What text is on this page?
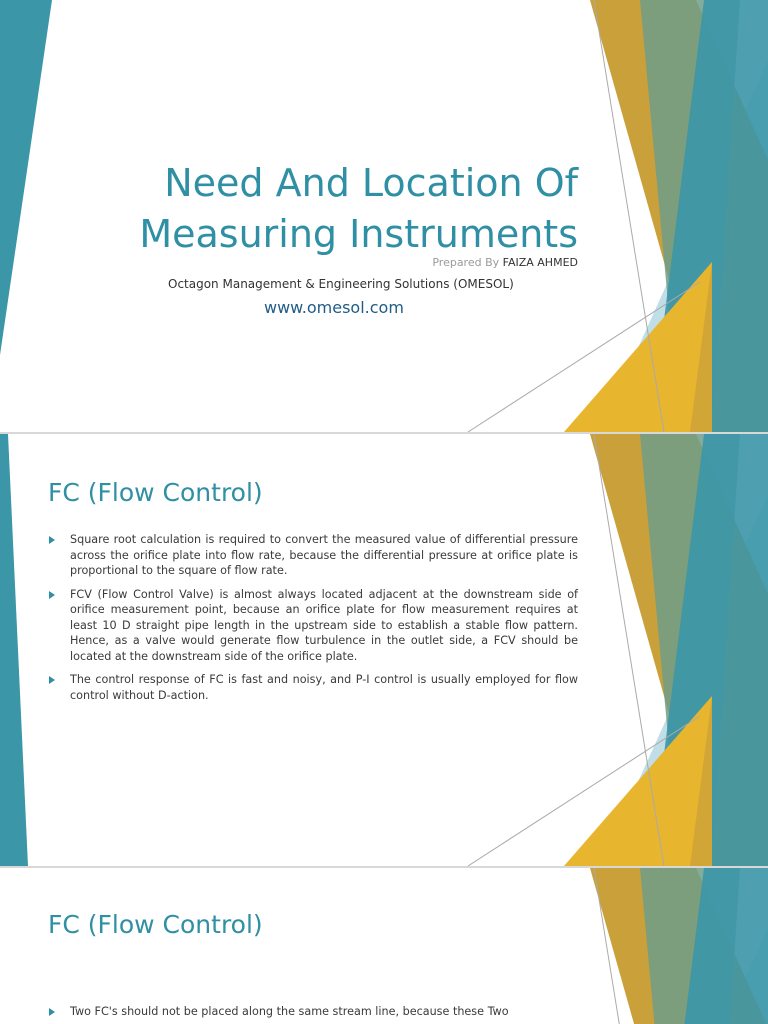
Need And Location Of
Measuring Instruments
Prepared By FAIZA AHMED
Octagon Management & Engineering Solutions (OMESOL)
www.omesol.com
FC (Flow Control)
Square root calculation is required to convert the measured value of differential pressure across the orifice plate into flow rate, because the differential pressure at orifice plate is proportional to the square of flow rate.
FCV (Flow Control Valve) is almost always located adjacent at the downstream side of orifice measurement point, because an orifice plate for flow measurement requires at least 10 D straight pipe length in the upstream side to establish a stable flow pattern. Hence, as a valve would generate flow turbulence in the outlet side, a FCV should be located at the downstream side of the orifice plate.
The control response of FC is fast and noisy, and P-I control is usually employed for flow control without D-action.
FC (Flow Control)
Two FC's should not be placed along the same stream line, because these Two
